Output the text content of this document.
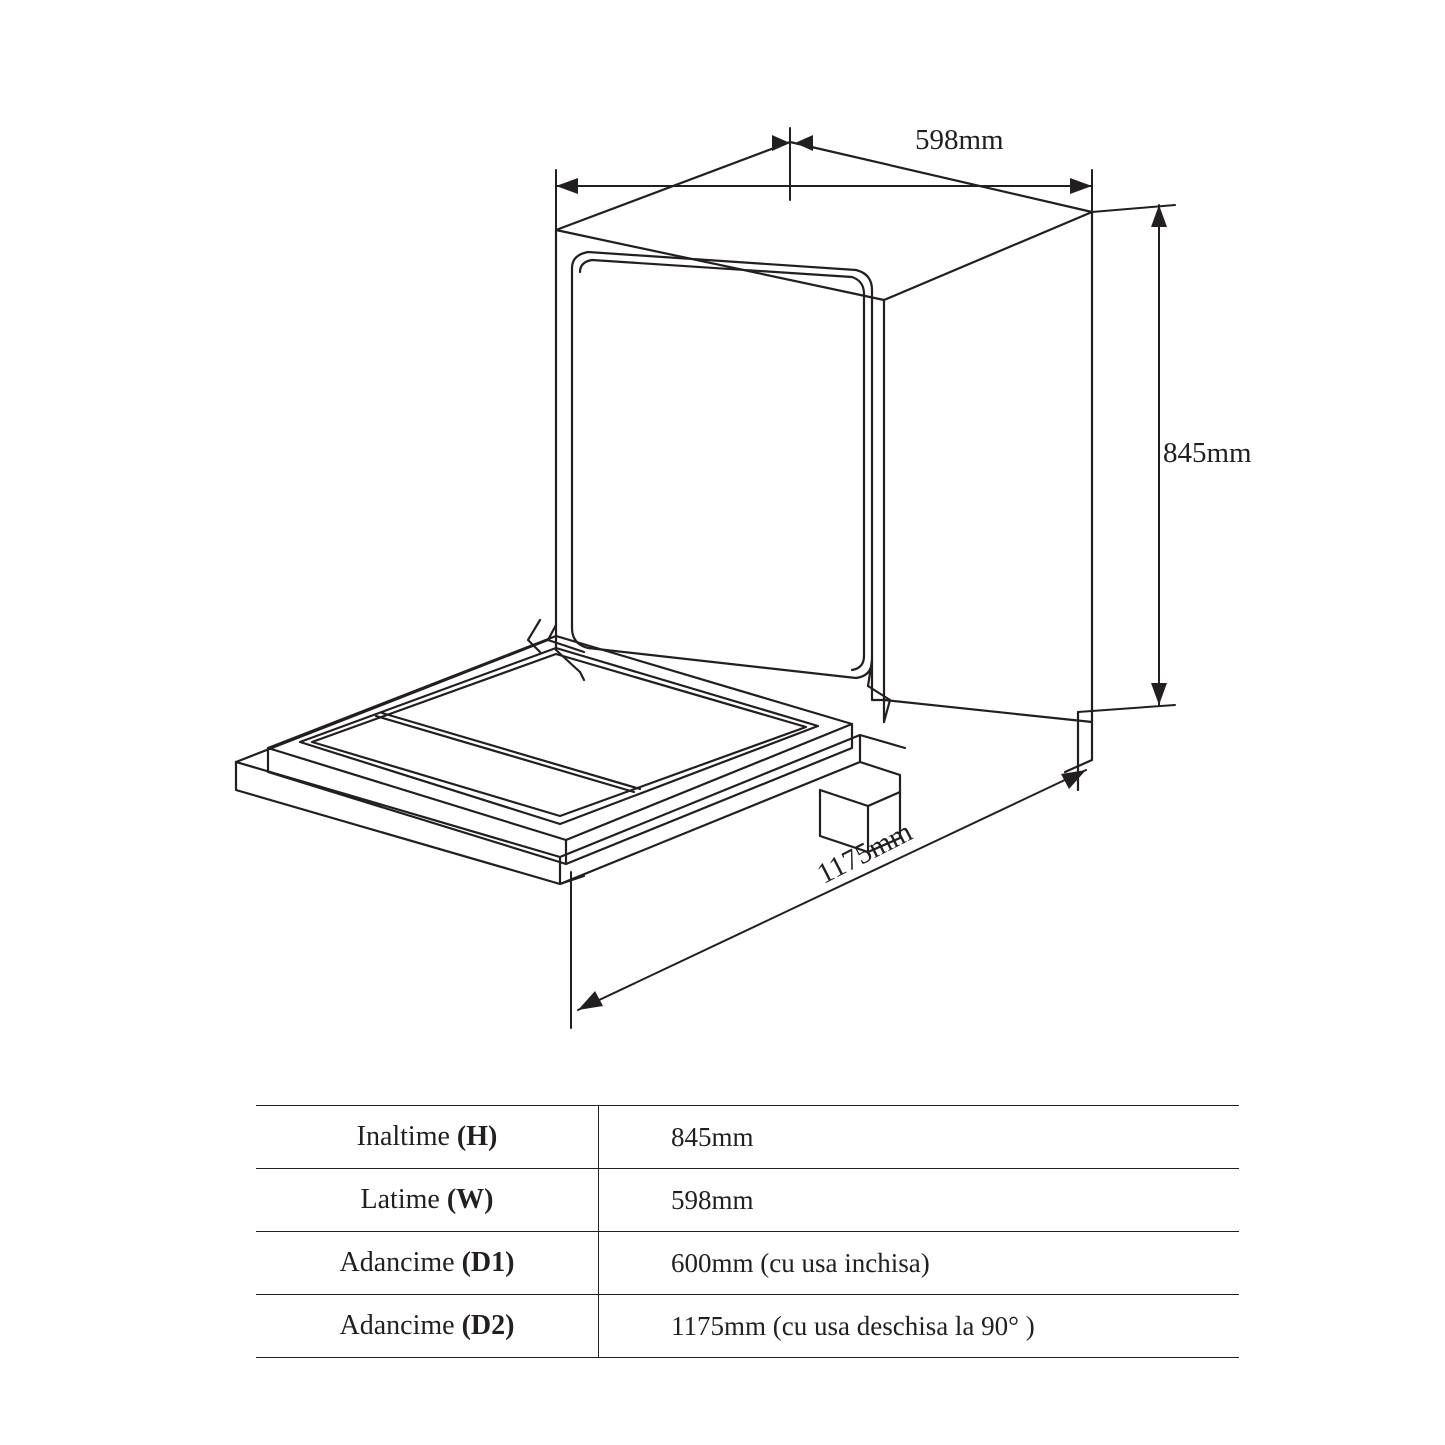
598mm
845mm
1175mm
Inaltime (H)	845mm
Latime (W)	598mm
Adancime (D1)	600mm (cu usa inchisa)
Adancime (D2)	1175mm (cu usa deschisa la 90° )
